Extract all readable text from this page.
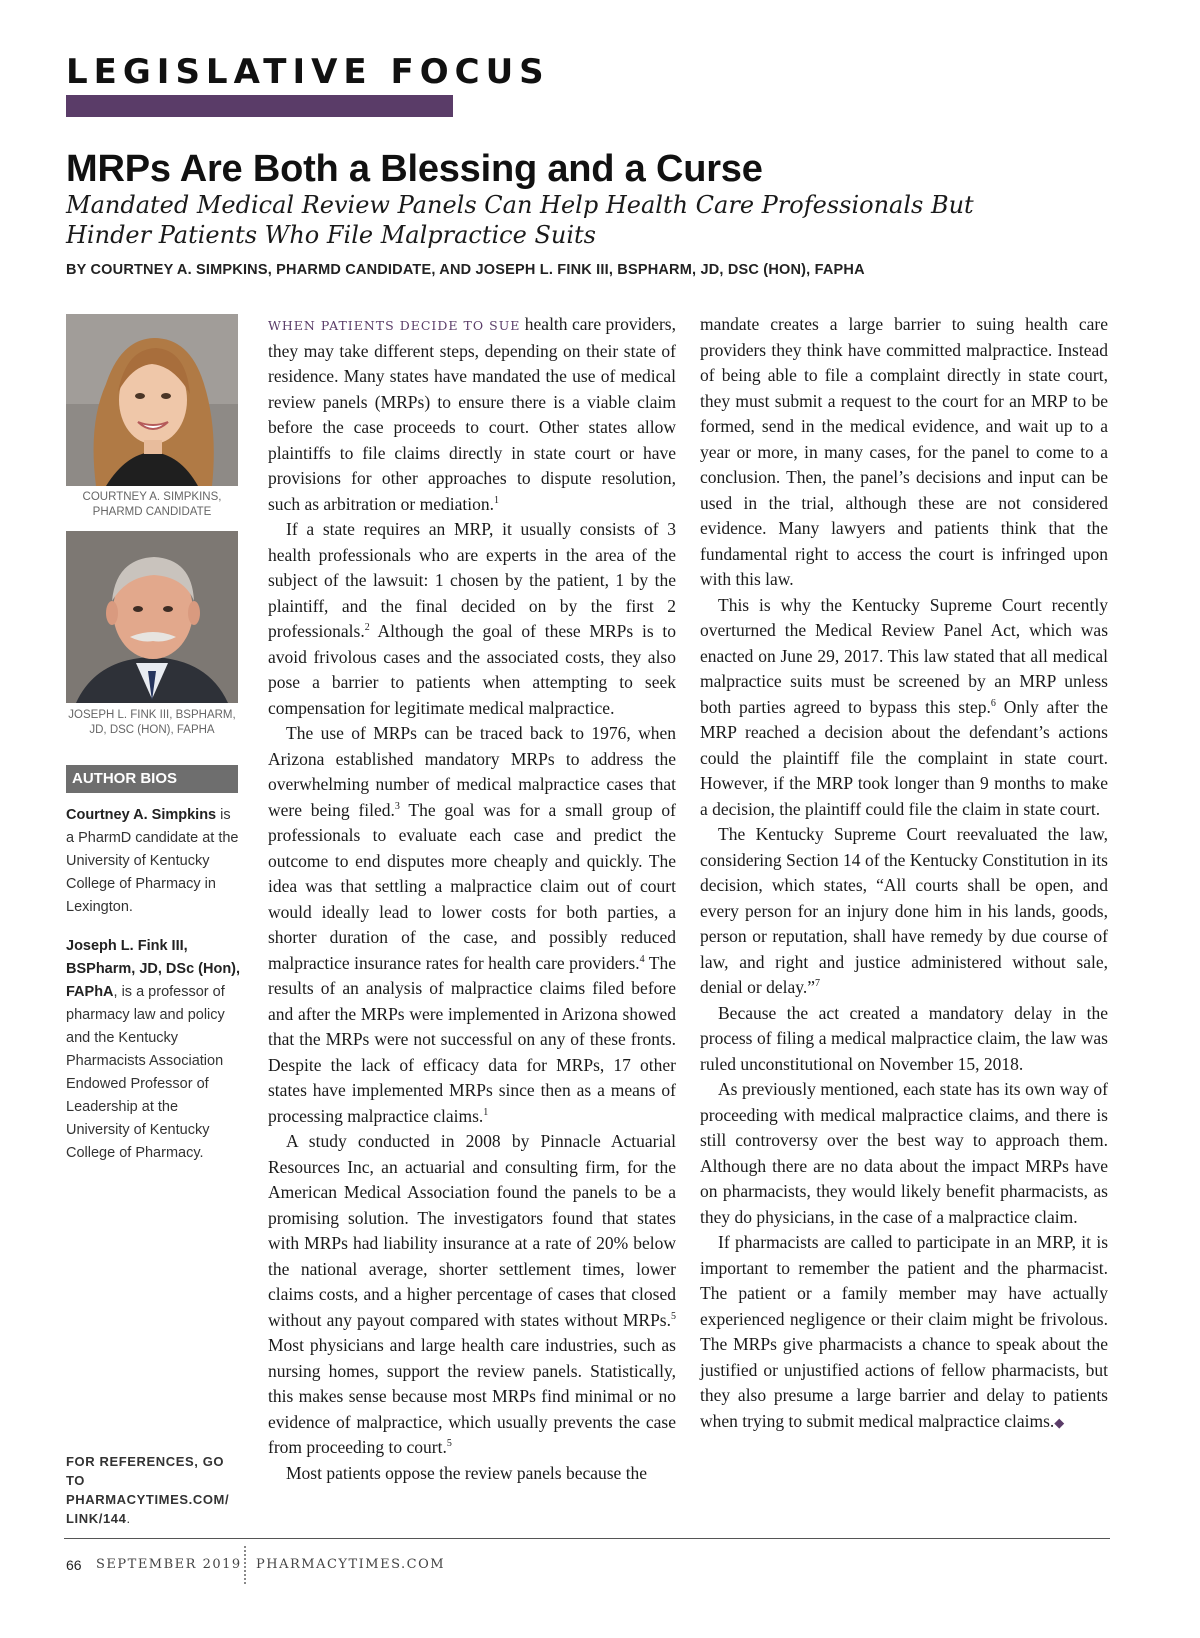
LEGISLATIVE FOCUS
MRPs Are Both a Blessing and a Curse
Mandated Medical Review Panels Can Help Health Care Professionals But Hinder Patients Who File Malpractice Suits
BY COURTNEY A. SIMPKINS, PHARMD CANDIDATE, AND JOSEPH L. FINK III, BSPHARM, JD, DSC (HON), FAPHA
COURTNEY A. SIMPKINS, PHARMD CANDIDATE
JOSEPH L. FINK III, BSPHARM, JD, DSC (HON), FAPHA
AUTHOR BIOS
Courtney A. Simpkins is a PharmD candidate at the University of Kentucky College of Pharmacy in Lexington.
Joseph L. Fink III, BSPharm, JD, DSc (Hon), FAPhA, is a professor of pharmacy law and policy and the Kentucky Pharmacists Association Endowed Professor of Leadership at the University of Kentucky College of Pharmacy.
FOR REFERENCES, GO TO
PHARMACYTIMES.COM/ LINK/144.

WHEN PATIENTS DECIDE TO SUE health care providers, they may take different steps, depending on their state of residence. Many states have mandated the use of medical review panels (MRPs) to ensure there is a viable claim before the case proceeds to court. Other states allow plaintiffs to file claims directly in state court or have provisions for other approaches to dispute resolution, such as arbitration or mediation.$^1$

If a state requires an MRP, it usually consists of 3 health professionals who are experts in the area of the subject of the lawsuit: 1 chosen by the patient, 1 by the plaintiff, and the final decided on by the first 2 professionals.$^2$ Although the goal of these MRPs is to avoid frivolous cases and the associated costs, they also pose a barrier to patients when attempting to seek compensation for legitimate medical malpractice.

The use of MRPs can be traced back to 1976, when Arizona established mandatory MRPs to address the overwhelming number of medical malpractice cases that were being filed.$^3$ The goal was for a small group of professionals to evaluate each case and predict the outcome to end disputes more cheaply and quickly. The idea was that settling a malpractice claim out of court would ideally lead to lower costs for both parties, a shorter duration of the case, and possibly reduced malpractice insurance rates for health care providers.$^4$ The results of an analysis of malpractice claims filed before and after the MRPs were implemented in Arizona showed that the MRPs were not successful on any of these fronts. Despite the lack of efficacy data for MRPs, 17 other states have implemented MRPs since then as a means of processing malpractice claims.$^1$

A study conducted in 2008 by Pinnacle Actuarial Resources Inc, an actuarial and consulting firm, for the American Medical Association found the panels to be a promising solution. The investigators found that states with MRPs had liability insurance at a rate of 20% below the national average, shorter settlement times, lower claims costs, and a higher percentage of cases that closed without any payout compared with states without MRPs.$^5$ Most physicians and large health care industries, such as nursing homes, support the review panels. Statistically, this makes sense because most MRPs find minimal or no evidence of malpractice, which usually prevents the case from proceeding to court.$^5$

Most patients oppose the review panels because the

mandate creates a large barrier to suing health care providers they think have committed malpractice. Instead of being able to file a complaint directly in state court, they must submit a request to the court for an MRP to be formed, send in the medical evidence, and wait up to a year or more, in many cases, for the panel to come to a conclusion. Then, the panel’s decisions and input can be used in the trial, although these are not considered evidence. Many lawyers and patients think that the fundamental right to access the court is infringed upon with this law.

This is why the Kentucky Supreme Court recently overturned the Medical Review Panel Act, which was enacted on June 29, 2017. This law stated that all medical malpractice suits must be screened by an MRP unless both parties agreed to bypass this step.$^6$ Only after the MRP reached a decision about the defendant’s actions could the plaintiff file the complaint in state court. However, if the MRP took longer than 9 months to make a decision, the plaintiff could file the claim in state court.

The Kentucky Supreme Court reevaluated the law, considering Section 14 of the Kentucky Constitution in its decision, which states, “All courts shall be open, and every person for an injury done him in his lands, goods, person or reputation, shall have remedy by due course of law, and right and justice administered without sale, denial or delay.”$^7$

Because the act created a mandatory delay in the process of filing a medical malpractice claim, the law was ruled unconstitutional on November 15, 2018.

As previously mentioned, each state has its own way of proceeding with medical malpractice claims, and there is still controversy over the best way to approach them. Although there are no data about the impact MRPs have on pharmacists, they would likely benefit pharmacists, as they do physicians, in the case of a malpractice claim.

If pharmacists are called to participate in an MRP, it is important to remember the patient and the pharmacist. The patient or a family member may have actually experienced negligence or their claim might be frivolous. The MRPs give pharmacists a chance to speak about the justified or unjustified actions of fellow pharmacists, but they also presume a large barrier and delay to patients when trying to submit medical malpractice claims.◆

66 SEPTEMBER 2019 PHARMACYTIMES.COM
